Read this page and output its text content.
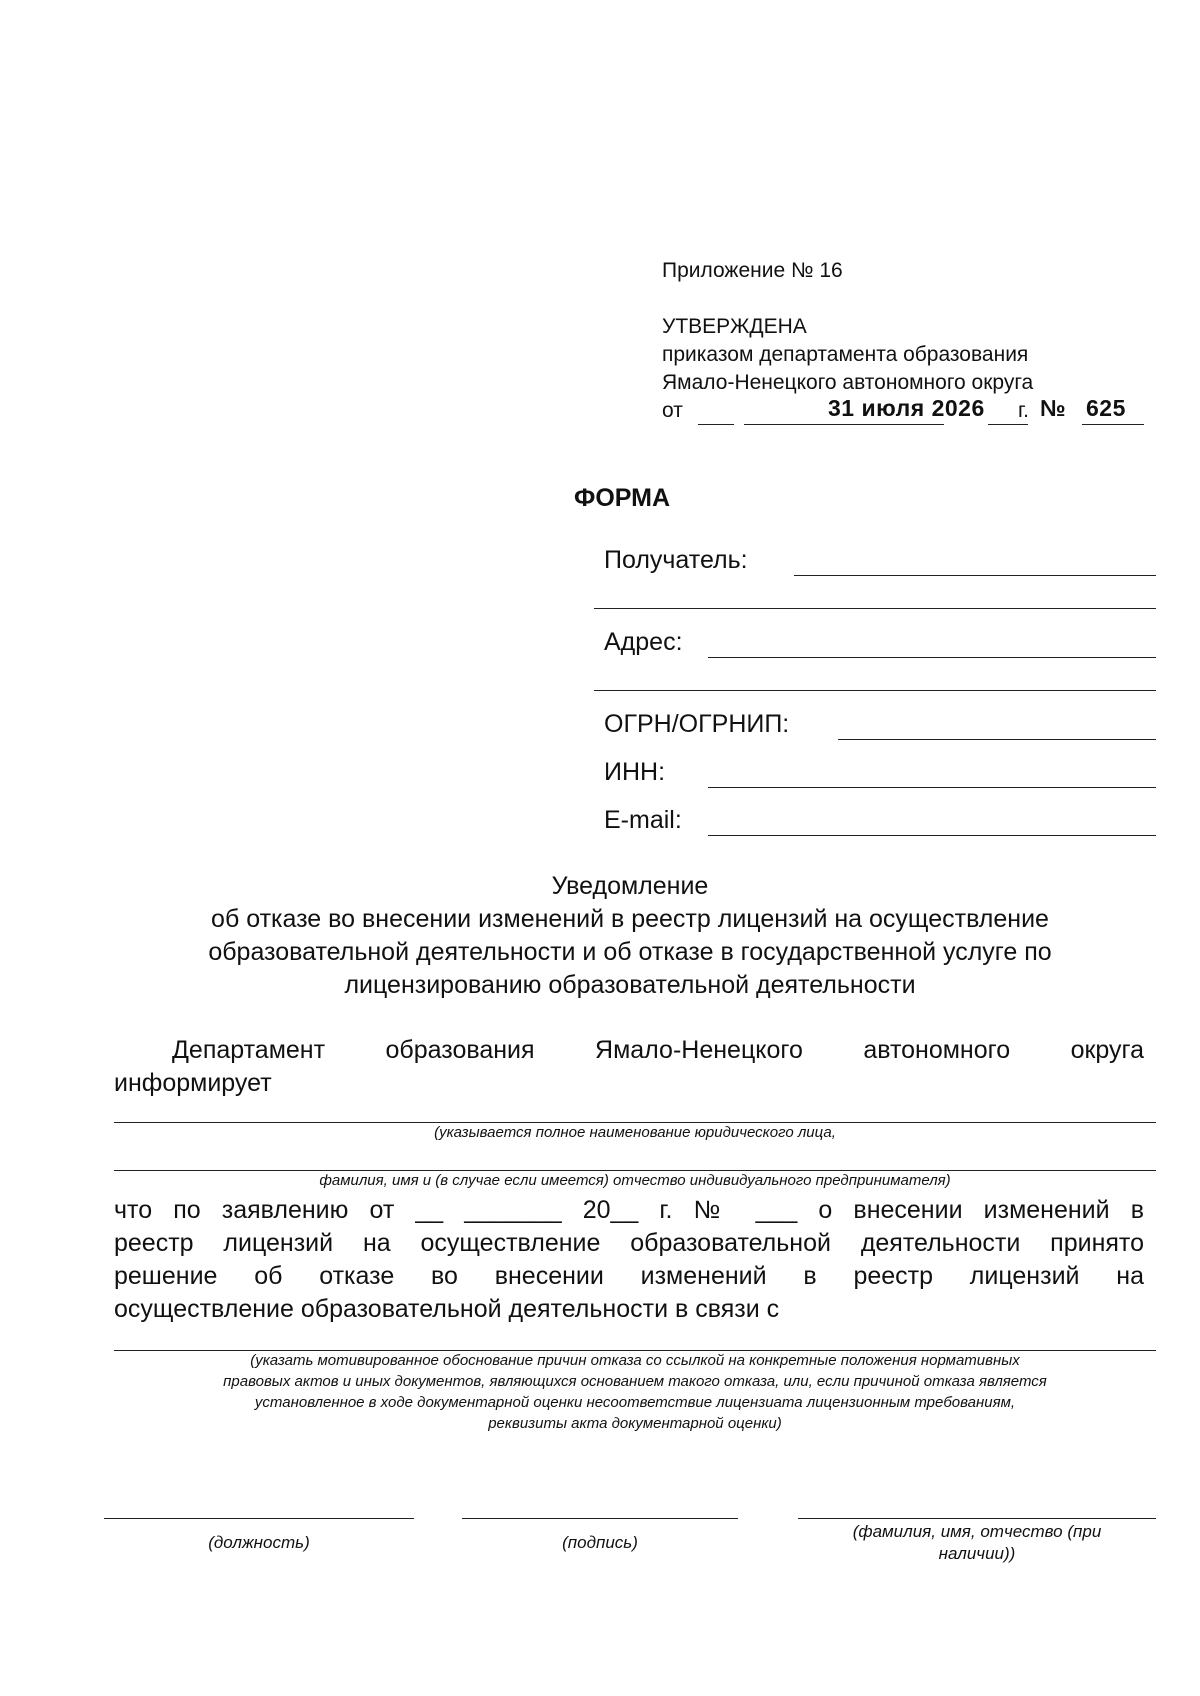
Приложение № 16
УТВЕРЖДЕНА
приказом департамента образования
Ямало-Ненецкого автономного округа
от	31 июля 2026 г. № 625
ФОРМА
Получатель:
Адрес:
ОГРН/ОГРНИП:
ИНН:
E-mail:
Уведомление
об отказе во внесении изменений в реестр лицензий на осуществление
образовательной деятельности и об отказе в государственной услуге по
лицензированию образовательной деятельности
Департамент образования Ямало-Ненецкого автономного округа
информирует
(указывается полное наименование юридического лица,
фамилия, имя и (в случае если имеется) отчество индивидуального предпринимателя)
что по заявлению от __ _______ 20__ г. № ___ о внесении изменений в
реестр лицензий на осуществление образовательной деятельности принято
решение об отказе во внесении изменений в реестр лицензий на
осуществление образовательной деятельности в связи с
(указать мотивированное обоснование причин отказа со ссылкой на конкретные положения нормативных
правовых актов и иных документов, являющихся основанием такого отказа, или, если причиной отказа является
установленное в ходе документарной оценки несоответствие лицензиата лицензионным требованиям,
реквизиты акта документарной оценки)
(должность)	(подпись)
(фамилия, имя, отчество (при
наличии))
